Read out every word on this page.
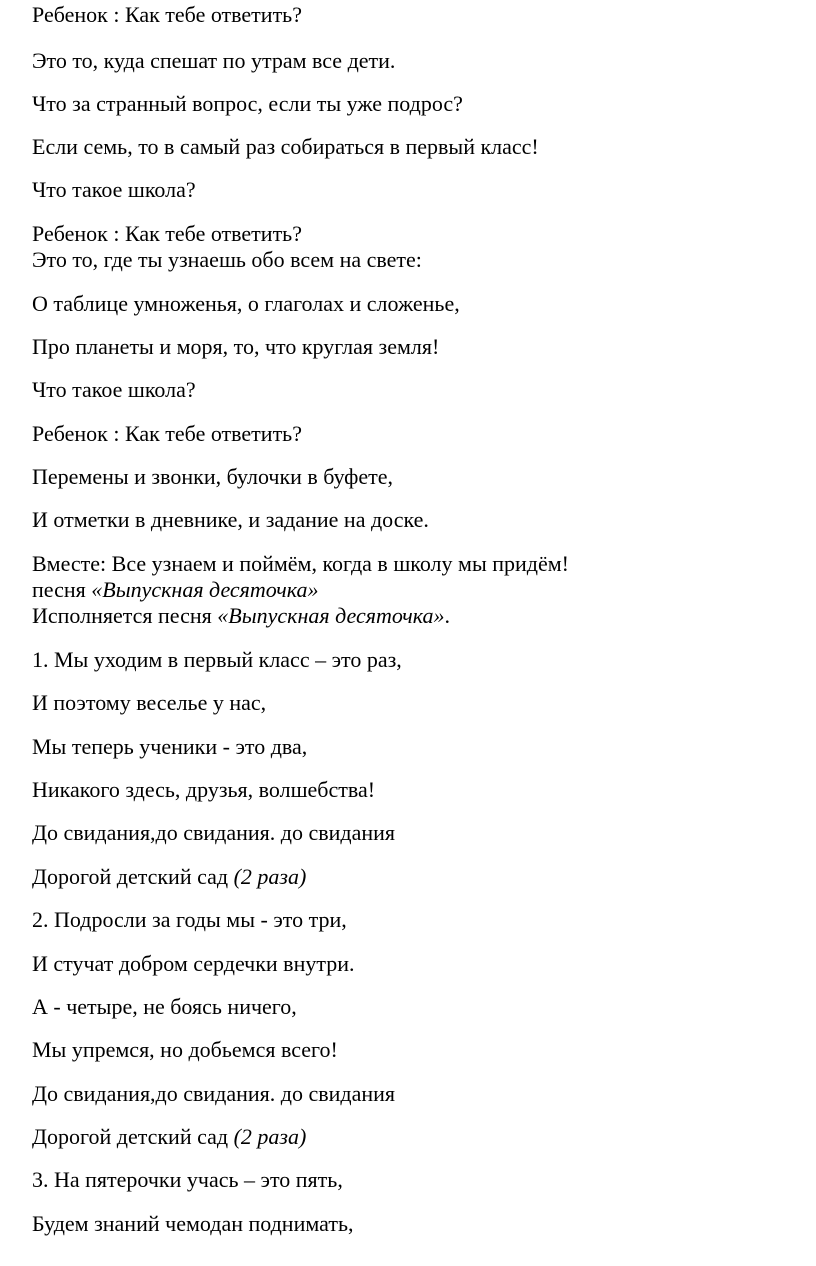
Ребенок : Как тебе ответить?
Это то, куда спешат по утрам все дети.
Что за странный вопрос, если ты уже подрос?
Если семь, то в самый раз собираться в первый класс!
Что такое школа?
Ребенок : Как тебе ответить?
Это то, где ты узнаешь обо всем на свете:
О таблице умноженья, о глаголах и сложенье,
Про планеты и моря, то, что круглая земля!
Что такое школа?
Ребенок : Как тебе ответить?
Перемены и звонки, булочки в буфете,
И отметки в дневнике, и задание на доске.
Вместе: Все узнаем и поймём, когда в школу мы придём!
песня «Выпускная десяточка»
Исполняется песня «Выпускная десяточка».
1. Мы уходим в первый класс – это раз,
И поэтому веселье у нас,
Мы теперь ученики - это два,
Никакого здесь, друзья, волшебства!
До свидания,до свидания. до свидания
Дорогой детский сад (2 раза)
2. Подросли за годы мы - это три,
И стучат добром сердечки внутри.
А - четыре, не боясь ничего,
Мы упремся, но добьемся всего!
До свидания,до свидания. до свидания
Дорогой детский сад (2 раза)
3. На пятерочки учась – это пять,
Будем знаний чемодан поднимать,
